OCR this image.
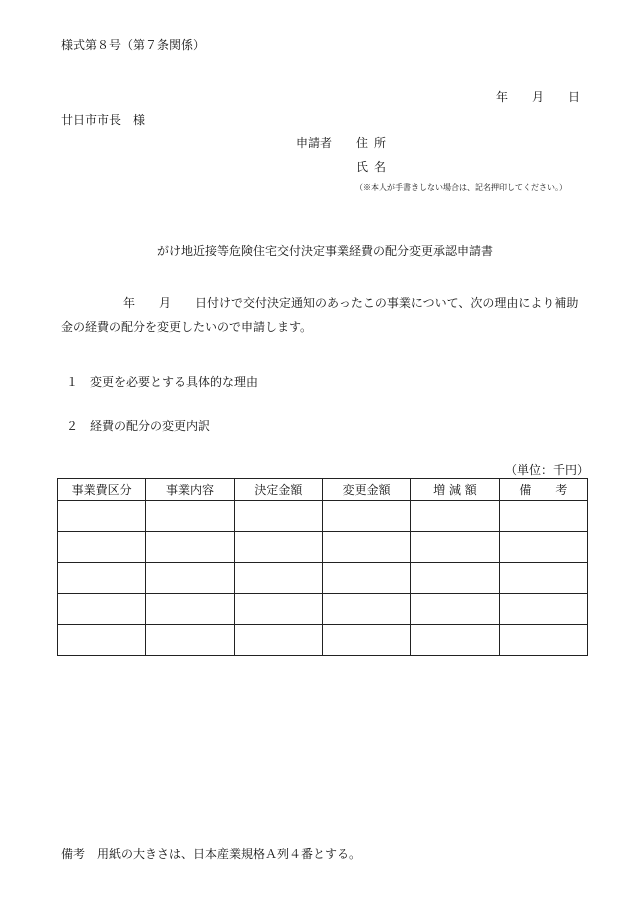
様式第８号（第７条関係）
年　　月　　日
廿日市市長　様
申請者 住所
氏名
（※本人が手書きしない場合は、記名押印してください。）
がけ地近接等危険住宅交付決定事業経費の配分変更承認申請書
年　　月　　日付けで交付決定通知のあったこの事業について、次の理由により補助金の経費の配分を変更したいので申請します。
１　変更を必要とする具体的な理由
２　経費の配分の変更内訳
（単位：千円）
事業費区分	事業内容	決定金額	変更金額	増 減 額	備　　考

備考　用紙の大きさは、日本産業規格Ａ列４番とする。
